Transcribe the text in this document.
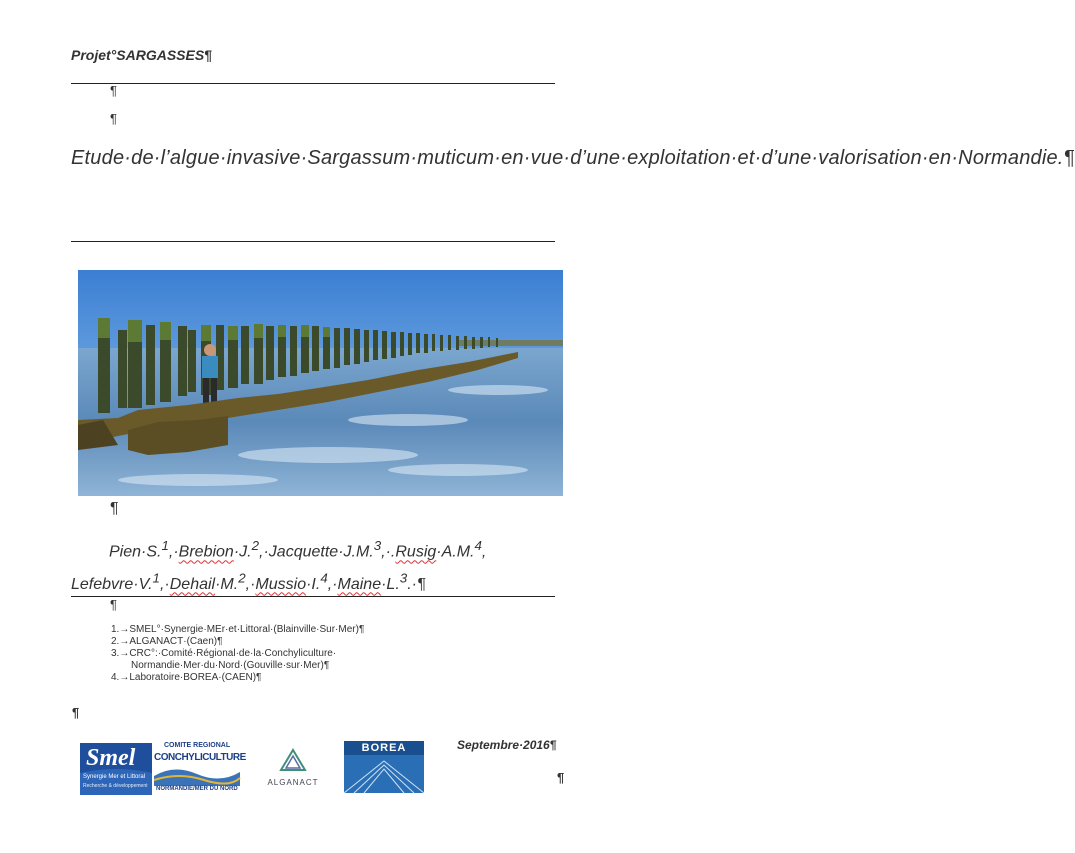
Projet°SARGASSES¶
¶
¶
Etude·de·l’algue·invasive·Sargassum·muticum·en·vue·d’une·exploitation·et·d’une·valorisation·en·Normandie.¶
¶
Pien·S.$^1$,·Brebion·J.$^2$,·Jacquette·J.M.$^3$,·.Rusig·A.M.$^4$,
Lefebvre·V.$^1$,·Dehail·M.$^2$,·Mussio·I.$^4$,·Maine·L.$^3$.·¶
¶
1.→SMEL°·Synergie·MEr·et·Littoral·(Blainville·Sur·Mer)¶
2.→ALGANACT·(Caen)¶
3.→CRC°:·Comité·Régional·de·la·Conchyliculture·
Normandie·Mer·du·Nord·(Gouville·sur·Mer)¶
4.→Laboratoire·BOREA·(CAEN)¶
¶
Smel
Synergie Mer et Littoral
Recherche & développement
COMITE REGIONAL
CONCHYLICULTURE
NORMANDIE/MER DU NORD
ALGANACT
BOREA	Septembre·2016¶
¶
